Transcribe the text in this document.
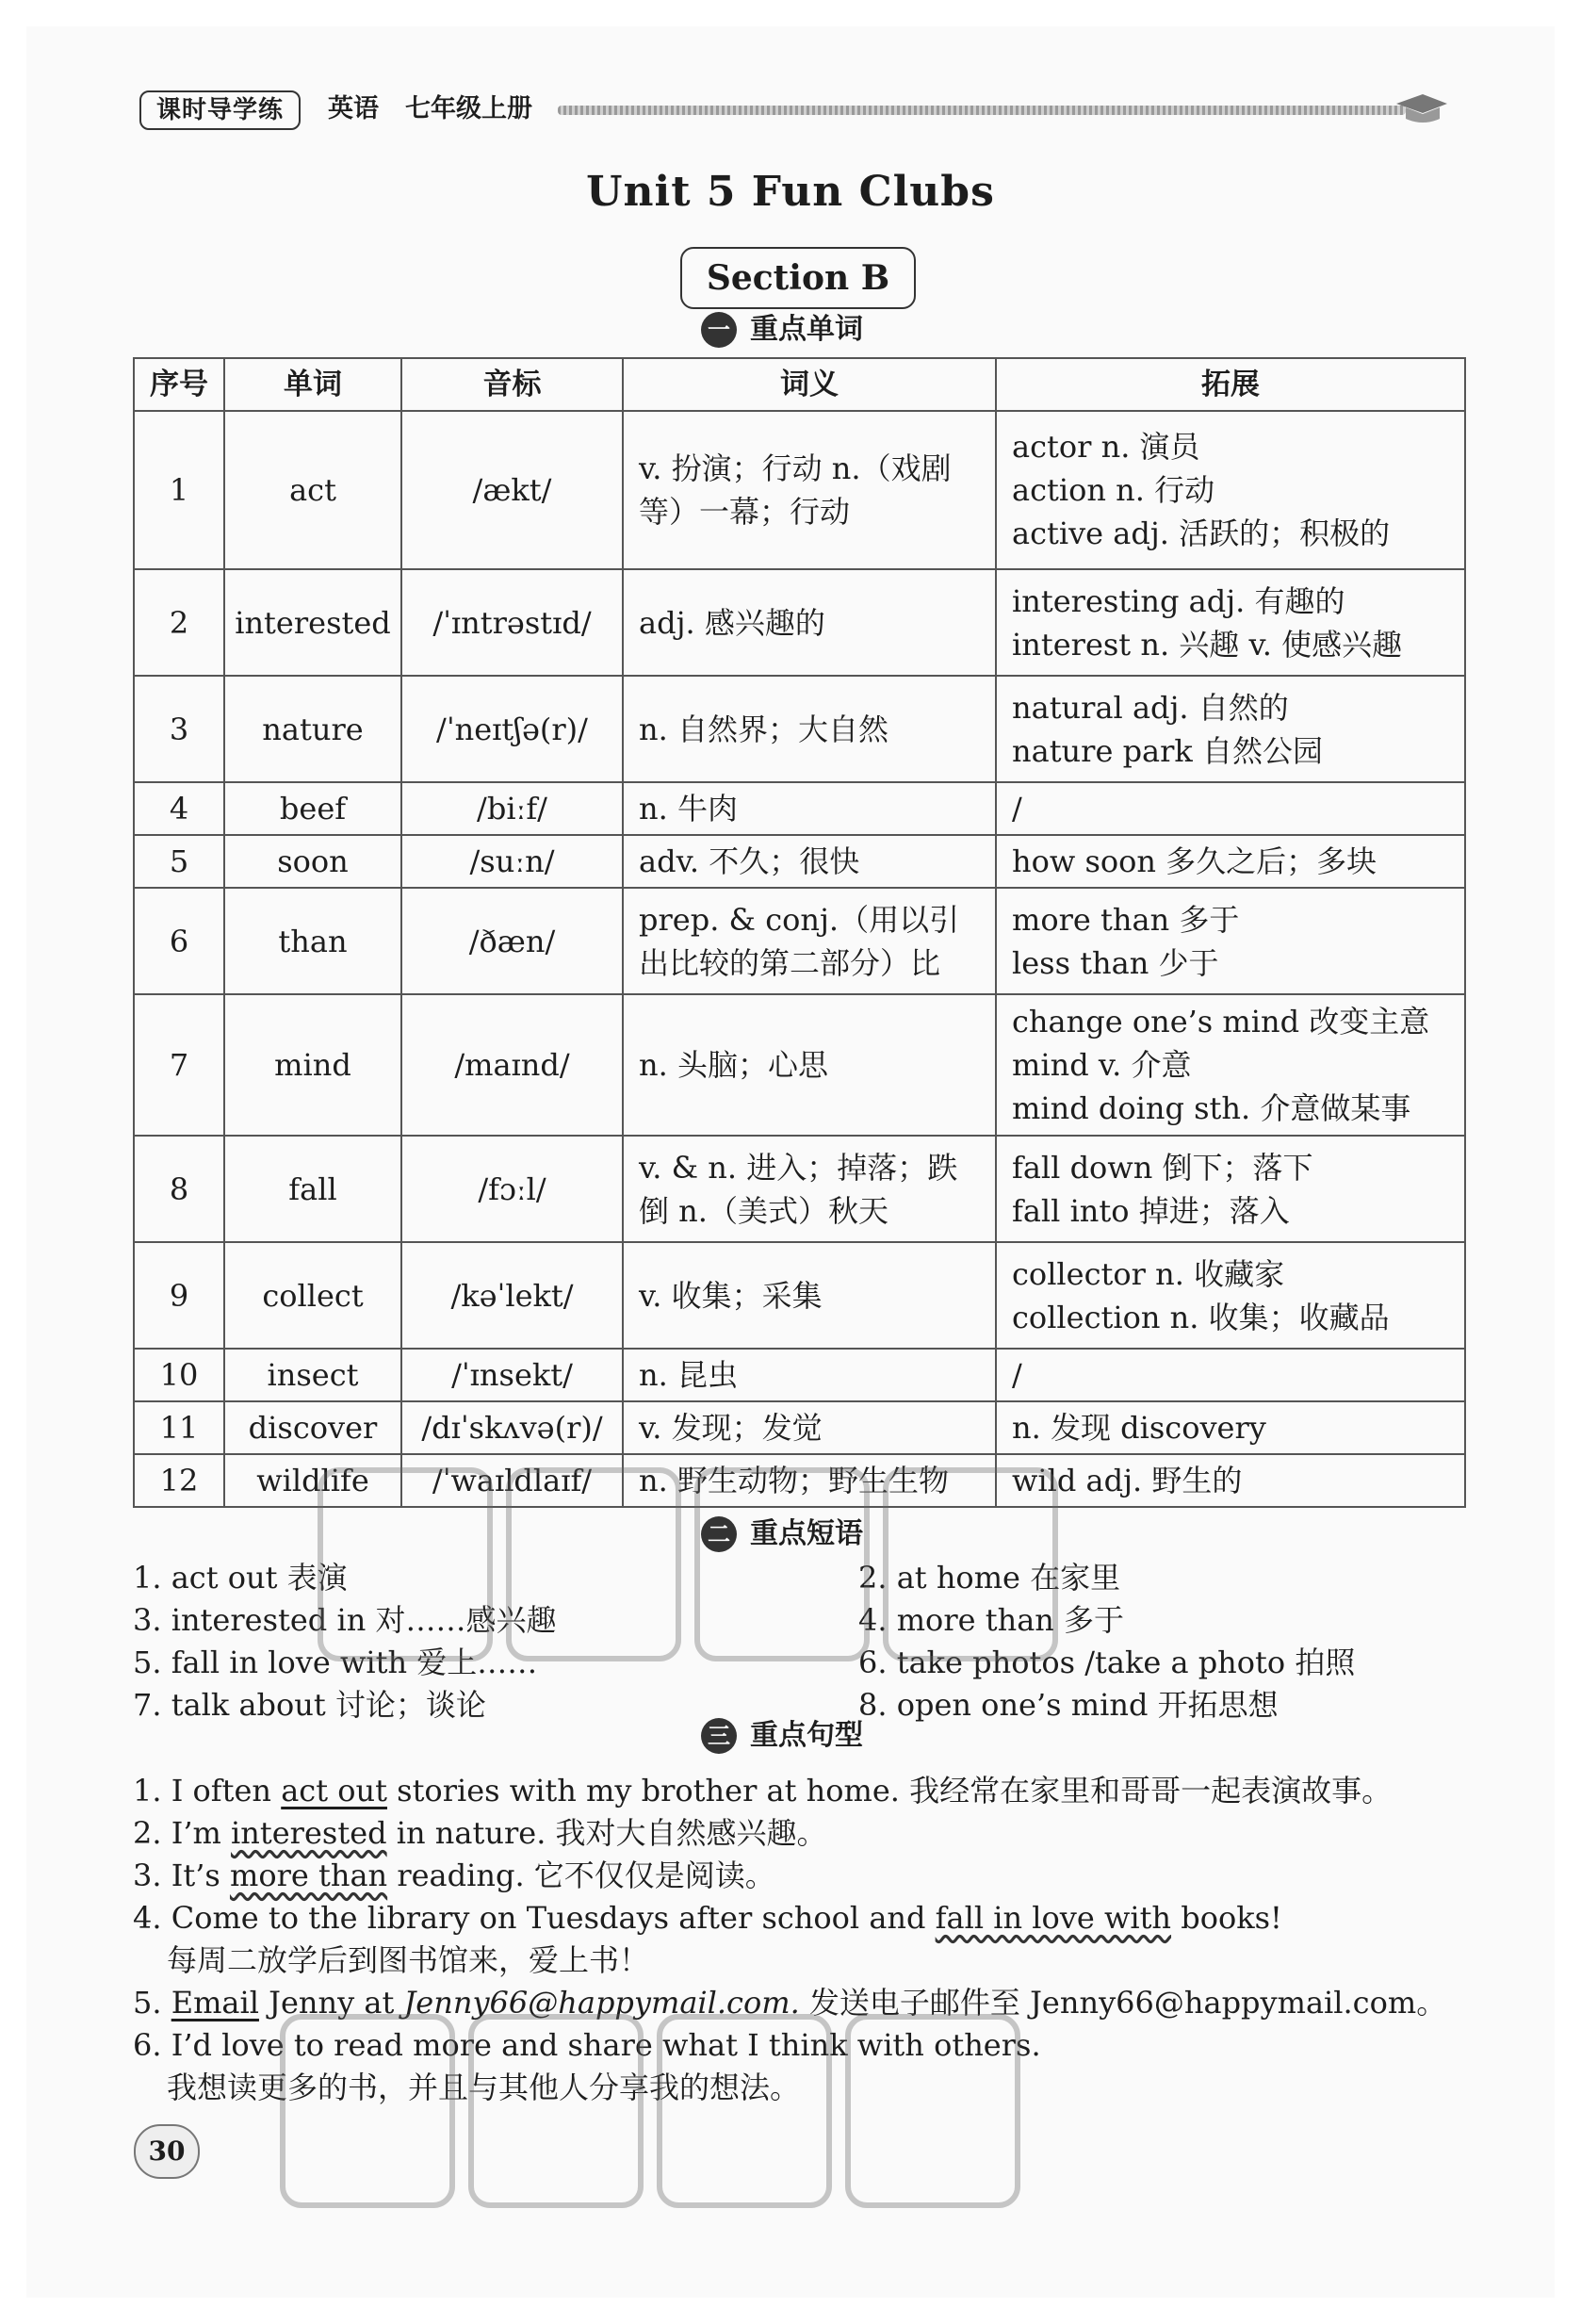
课时导学练	英语 七年级上册
Unit 5 Fun Clubs
Section B
一 重点单词
序号	单词	音标	词义	拓展
1	act	/ækt/	v. 扮演；行动 n.（戏剧等）一幕；行动	actor n. 演员
action n. 行动
active adj. 活跃的；积极的

2	interested	/ˈɪntrəstɪd/	adj. 感兴趣的	interesting adj. 有趣的
interest n. 兴趣 v. 使感兴趣

3	nature	/ˈneɪtʃə(r)/	n. 自然界；大自然	natural adj. 自然的
nature park 自然公园

4	beef	/biːf/	n. 牛肉	/
5	soon	/suːn/	adv. 不久；很快	how soon 多久之后；多块
6	than	/ðæn/	prep. & conj.（用以引出比较的第二部分）比	more than 多于
less than 少于

7	mind	/maɪnd/	n. 头脑；心思	change one’s mind 改变主意
mind v. 介意
mind doing sth. 介意做某事

8	fall	/fɔːl/	v. & n. 进入；掉落；跌倒 n.（美式）秋天	fall down 倒下；落下
fall into 掉进；落入

9	collect	/kəˈlekt/	v. 收集；采集	collector n. 收藏家
collection n. 收集；收藏品

10	insect	/ˈɪnsekt/	n. 昆虫	/
11	discover	/dɪˈskʌvə(r)/	v. 发现；发觉	n. 发现 discovery
12	wildlife	/ˈwaɪldlaɪf/	n. 野生动物；野生生物	wild adj. 野生的
二 重点短语
1. act out 表演	2. at home 在家里
3. interested in 对……感兴趣	4. more than 多于
5. fall in love with 爱上……	6. take photos /take a photo 拍照
7. talk about 讨论；谈论	8. open one’s mind 开拓思想
三 重点句型
1. I often act out stories with my brother at home. 我经常在家里和哥哥一起表演故事。
2. I’m interested in nature. 我对大自然感兴趣。
3. It’s more than reading. 它不仅仅是阅读。
4. Come to the library on Tuesdays after school and fall in love with books!
每周二放学后到图书馆来，爱上书！
5. Email Jenny at Jenny66@happymail.com. 发送电子邮件至 Jenny66@happymail.com。
6. I’d love to read more and share what I think with others.
我想读更多的书，并且与其他人分享我的想法。
30
